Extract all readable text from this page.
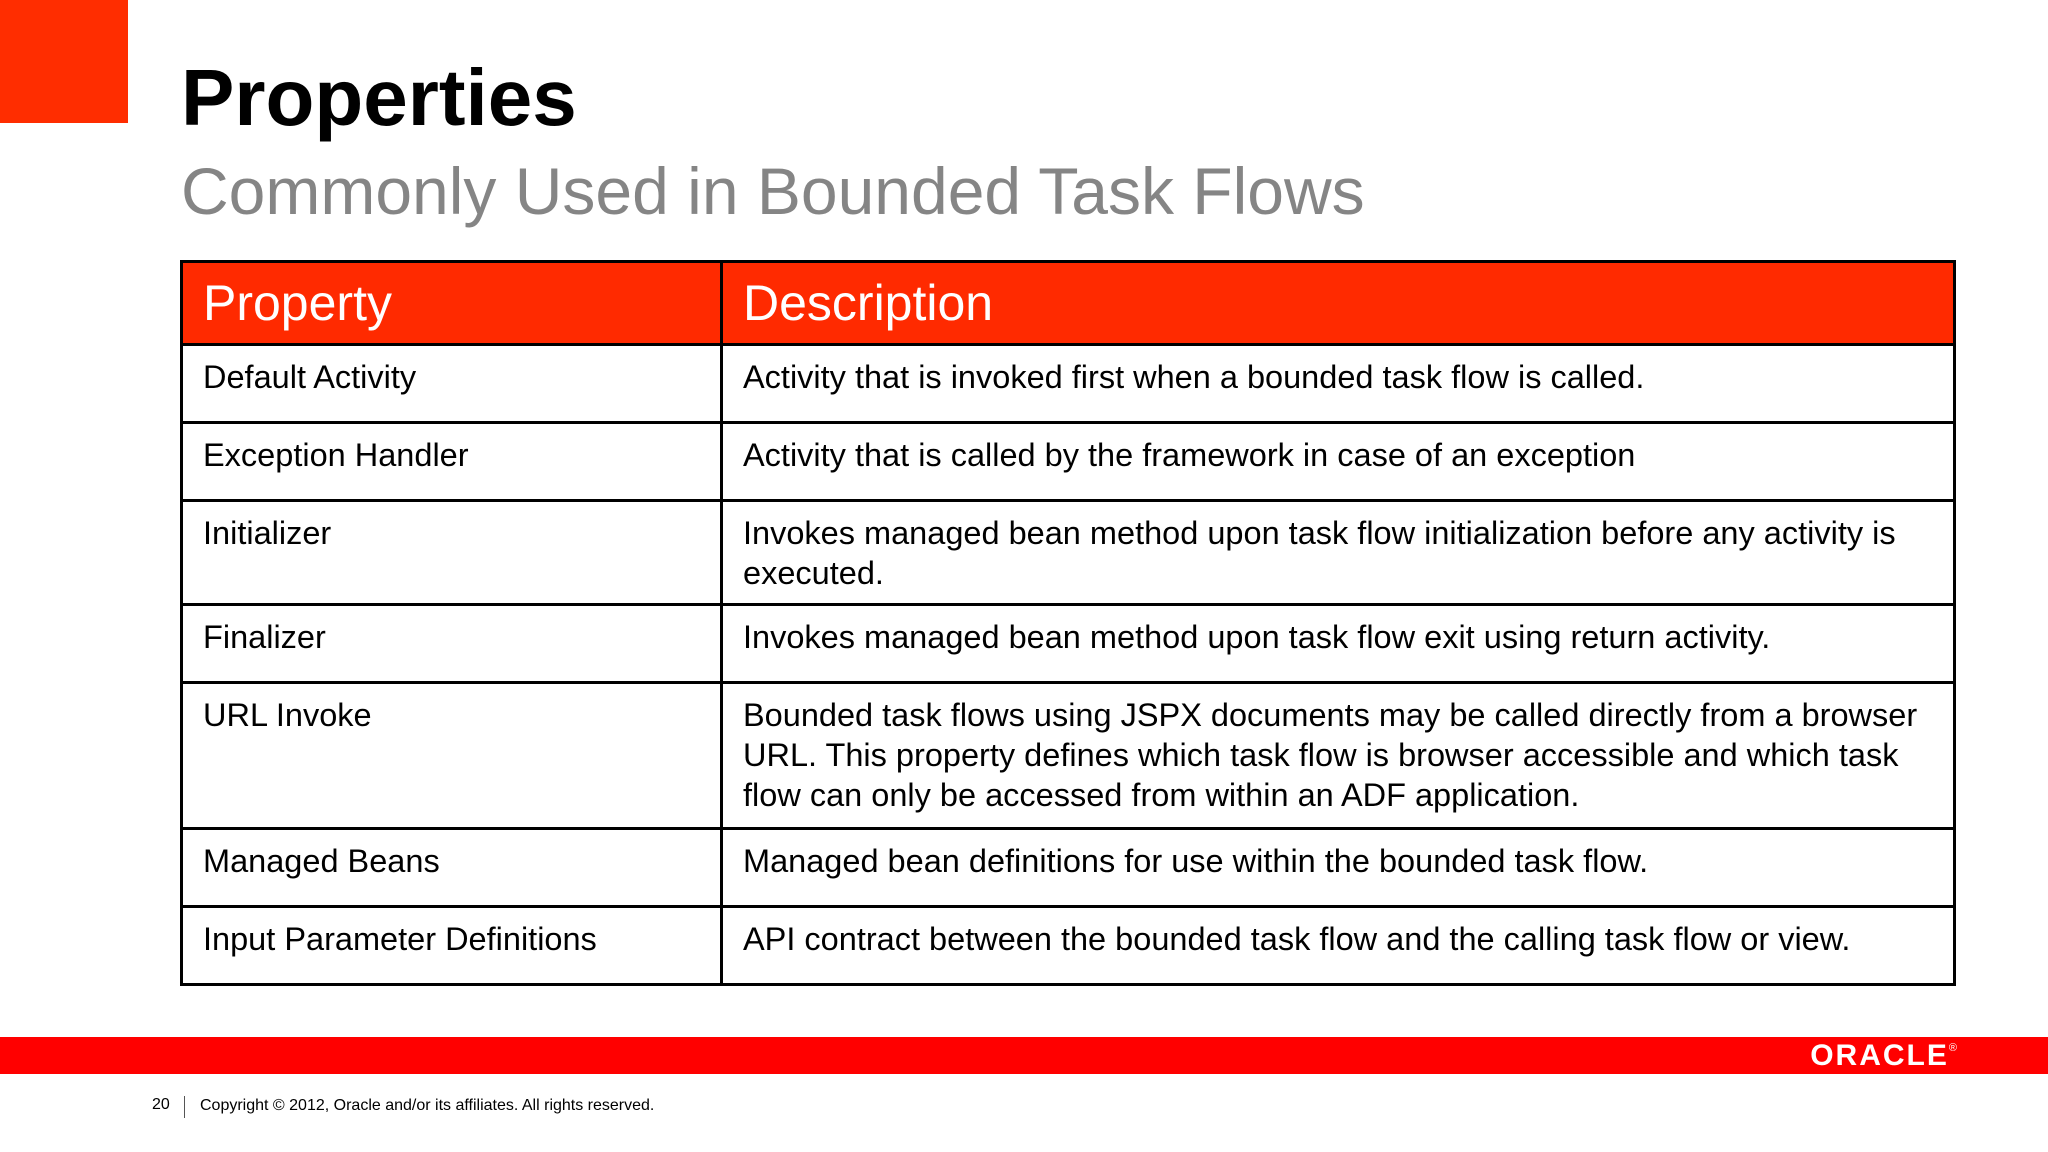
Properties
Commonly Used in Bounded Task Flows
Property	Description
Default Activity	Activity that is invoked first when a bounded task flow is called.
Exception Handler	Activity that is called by the framework in case of an exception
Initializer	Invokes managed bean method upon task flow initialization before any activity is executed.
Finalizer	Invokes managed bean method upon task flow exit using return activity.
URL Invoke	Bounded task flows using JSPX documents may be called directly from a browser URL. This property defines which task flow is browser accessible and which task flow can only be accessed from within an ADF application.
Managed Beans	Managed bean definitions for use within the bounded task flow.
Input Parameter Definitions	API contract between the bounded task flow and the calling task flow or view.
ORACLE®
20 Copyright © 2012, Oracle and/or its affiliates. All rights reserved.
